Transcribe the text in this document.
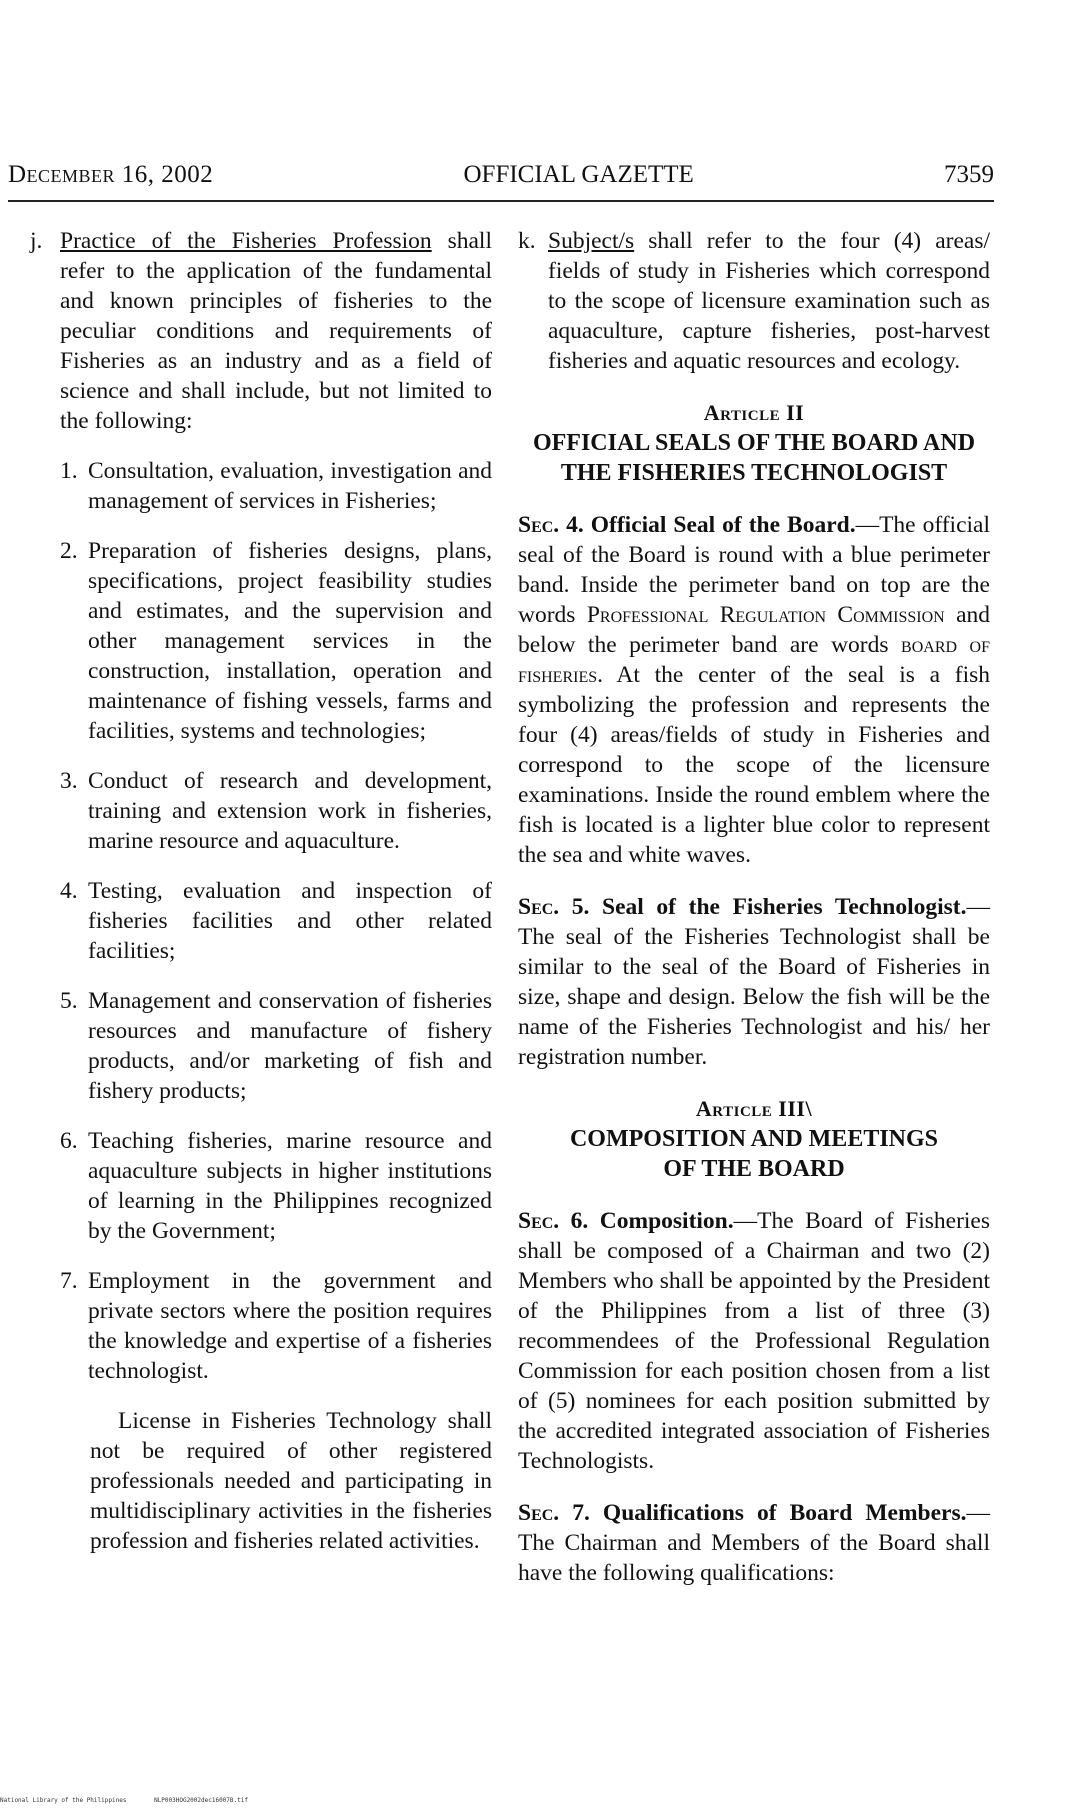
December 16, 2002	OFFICIAL GAZETTE	7359
j. Practice of the Fisheries Profession shall refer to the application of the fundamental and known principles of fisheries to the peculiar conditions and requirements of Fisheries as an industry and as a field of science and shall include, but not limited to the following:
1. Consultation, evaluation, investigation and management of services in Fisheries;
2. Preparation of fisheries designs, plans, specifications, project feasibility studies and estimates, and the supervision and other management services in the construction, installation, operation and maintenance of fishing vessels, farms and facilities, systems and technologies;
3. Conduct of research and development, training and extension work in fisheries, marine resource and aquaculture.
4. Testing, evaluation and inspection of fisheries facilities and other related facilities;
5. Management and conservation of fisheries resources and manufacture of fishery products, and/or marketing of fish and fishery products;
6. Teaching fisheries, marine resource and aquaculture subjects in higher institutions of learning in the Philippines recognized by the Government;
7. Employment in the government and private sectors where the position requires the knowledge and expertise of a fisheries technologist.
License in Fisheries Technology shall not be required of other registered professionals needed and participating in multidisciplinary activities in the fisheries profession and fisheries related activities.
k. Subject/s shall refer to the four (4) areas/ fields of study in Fisheries which correspond to the scope of licensure examination such as aquaculture, capture fisheries, post-harvest fisheries and aquatic resources and ecology.
Article II
OFFICIAL SEALS OF THE BOARD AND
THE FISHERIES TECHNOLOGIST
Sec. 4. Official Seal of the Board.—The official seal of the Board is round with a blue perimeter band. Inside the perimeter band on top are the words Professional Regulation Commission and below the perimeter band are words board of fisheries. At the center of the seal is a fish symbolizing the profession and represents the four (4) areas/fields of study in Fisheries and correspond to the scope of the licensure examinations. Inside the round emblem where the fish is located is a lighter blue color to represent the sea and white waves.
Sec. 5. Seal of the Fisheries Technologist.— The seal of the Fisheries Technologist shall be similar to the seal of the Board of Fisheries in size, shape and design. Below the fish will be the name of the Fisheries Technologist and his/ her registration number.
Article III\
COMPOSITION AND MEETINGS
OF THE BOARD
Sec. 6. Composition.—The Board of Fisheries shall be composed of a Chairman and two (2) Members who shall be appointed by the President of the Philippines from a list of three (3) recommendees of the Professional Regulation Commission for each position chosen from a list of (5) nominees for each position submitted by the accredited integrated association of Fisheries Technologists.
Sec. 7. Qualifications of Board Members.—The Chairman and Members of the Board shall have the following qualifications:
National Library of the Philippines	NLP003HOG2002dec16007B.tif
